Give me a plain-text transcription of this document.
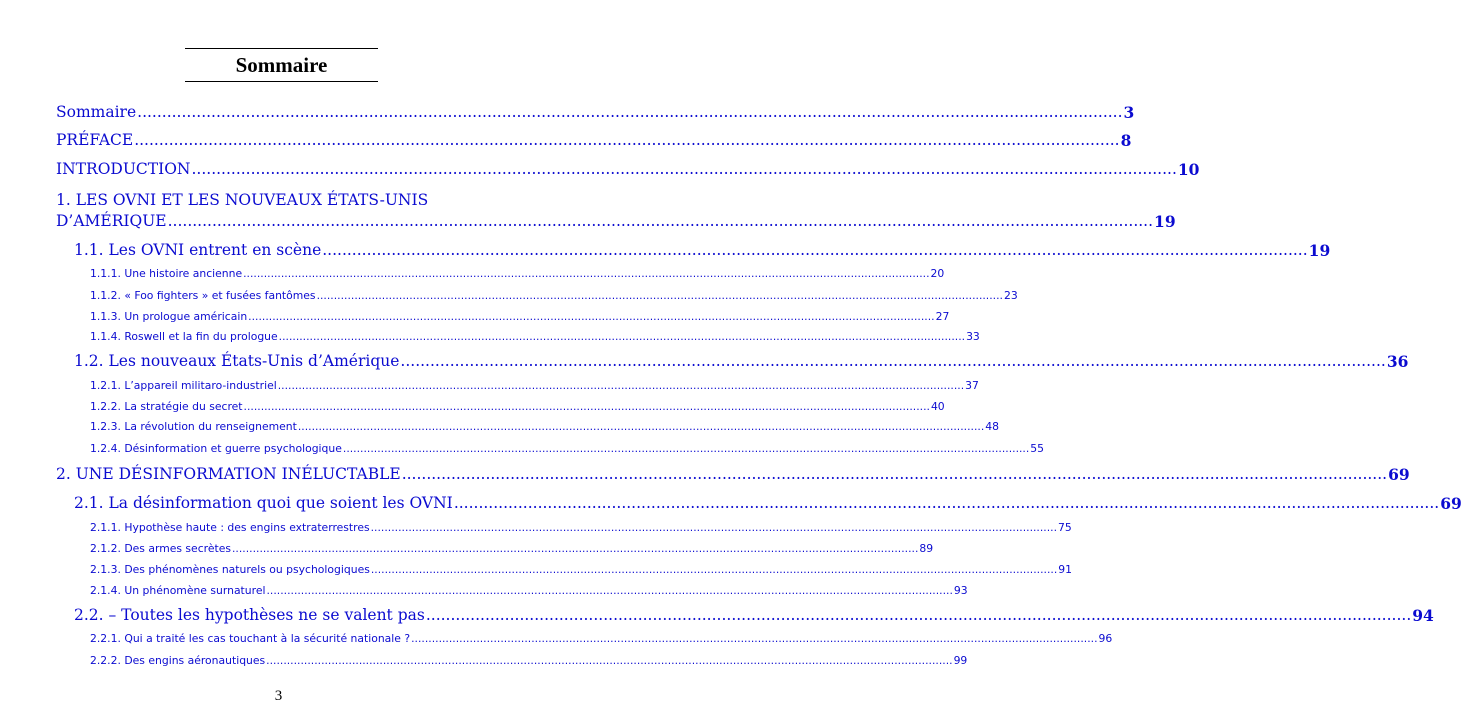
Sommaire
Sommaire ........................................................................................................................................................................................................ 3
PRÉFACE ........................................................................................................................................................................................................ 8
INTRODUCTION ........................................................................................................................................................................................................ 10
1. LES OVNI ET LES NOUVEAUX ÉTATS-UNIS
D’AMÉRIQUE ........................................................................................................................................................................................................ 19
1.1. Les OVNI entrent en scène ........................................................................................................................................................................................................ 19
1.1.1. Une histoire ancienne ........................................................................................................................................................................................................ 20
1.1.2. « Foo fighters » et fusées fantômes ........................................................................................................................................................................................................ 23
1.1.3. Un prologue américain ........................................................................................................................................................................................................ 27
1.1.4. Roswell et la fin du prologue ........................................................................................................................................................................................................ 33
1.2. Les nouveaux États-Unis d’Amérique ........................................................................................................................................................................................................ 36
1.2.1. L’appareil militaro-industriel ........................................................................................................................................................................................................ 37
1.2.2. La stratégie du secret ........................................................................................................................................................................................................ 40
1.2.3. La révolution du renseignement ........................................................................................................................................................................................................ 48
1.2.4. Désinformation et guerre psychologique ........................................................................................................................................................................................................ 55
2. UNE DÉSINFORMATION INÉLUCTABLE ........................................................................................................................................................................................................ 69
2.1. La désinformation quoi que soient les OVNI ........................................................................................................................................................................................................ 69
2.1.1. Hypothèse haute : des engins extraterrestres ........................................................................................................................................................................................................ 75
2.1.2. Des armes secrètes ........................................................................................................................................................................................................ 89
2.1.3. Des phénomènes naturels ou psychologiques ........................................................................................................................................................................................................ 91
2.1.4. Un phénomène surnaturel ........................................................................................................................................................................................................ 93
2.2. – Toutes les hypothèses ne se valent pas ........................................................................................................................................................................................................ 94
2.2.1. Qui a traité les cas touchant à la sécurité nationale ? ........................................................................................................................................................................................................ 96
2.2.2. Des engins aéronautiques ........................................................................................................................................................................................................ 99
3
